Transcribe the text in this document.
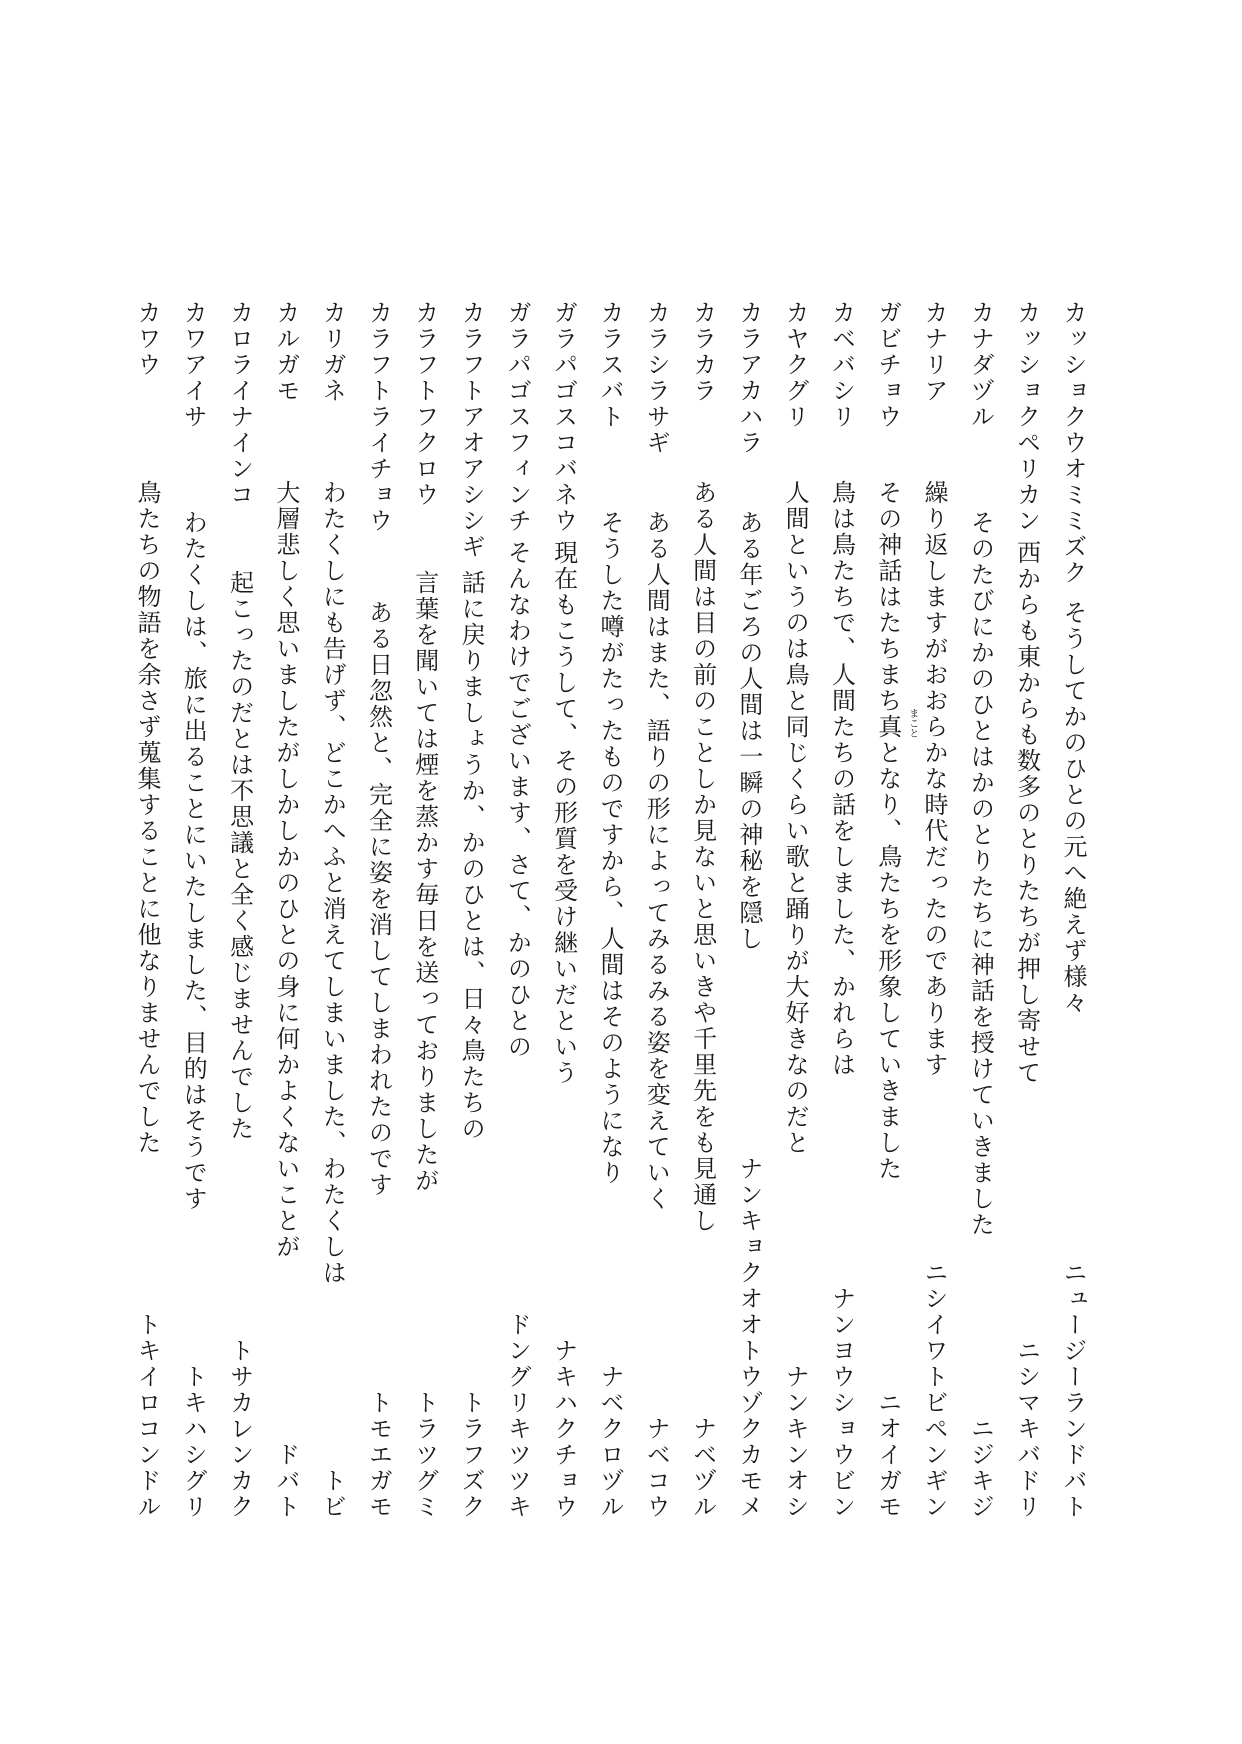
カッショクウオミミズク
そうしてかのひとの元へ絶えず様々
ニュージーランドバト
カッショクペリカン
西からも東からも数多のとりたちが押し寄せて
ニシマキバドリ
カナダヅル
そのたびにかのひとはかのとりたちに神話を授けていきました
ニジキジ
カナリア
繰り返しますがおおらかな時代だったのであります
ニシイワトビペンギン
ガビチョウ
その神話はたちまち真となり、鳥たちを形象していきました まこと
ニオイガモ
カベバシリ
鳥は鳥たちで、人間たちの話をしました、かれらは
ナンヨウショウビン
カヤクグリ
人間というのは鳥と同じくらい歌と踊りが大好きなのだと
ナンキンオシ
カラアカハラ
ある年ごろの人間は一瞬の神秘を隠し
ナンキョクオオトウゾクカモメ
カラカラ
ある人間は目の前のことしか見ないと思いきや千里先をも見通し
ナベヅル
カラシラサギ
ある人間はまた、語りの形によってみるみる姿を変えていく
ナベコウ
カラスバト
そうした噂がたったものですから、人間はそのようになり
ナベクロヅル
ガラパゴスコバネウ
現在もこうして、その形質を受け継いだという
ナキハクチョウ
ガラパゴスフィンチ
そんなわけでございます、さて、かのひとの
ドングリキツツキ
カラフトアオアシシギ
話に戻りましょうか、かのひとは、日々鳥たちの
トラフズク
カラフトフクロウ
言葉を聞いては煙を蒸かす毎日を送っておりましたが
トラツグミ
カラフトライチョウ
ある日忽然と、完全に姿を消してしまわれたのです
トモエガモ
カリガネ
わたくしにも告げず、どこかへふと消えてしまいました、わたくしは
トビ
カルガモ
大層悲しく思いましたがしかしかのひとの身に何かよくないことが
ドバト
カロライナインコ
起こったのだとは不思議と全く感じませんでした
トサカレンカク
カワアイサ
わたくしは、旅に出ることにいたしました、目的はそうです
トキハシグリ
カワウ
鳥たちの物語を余さず蒐集することに他なりませんでした
トキイロコンドル
